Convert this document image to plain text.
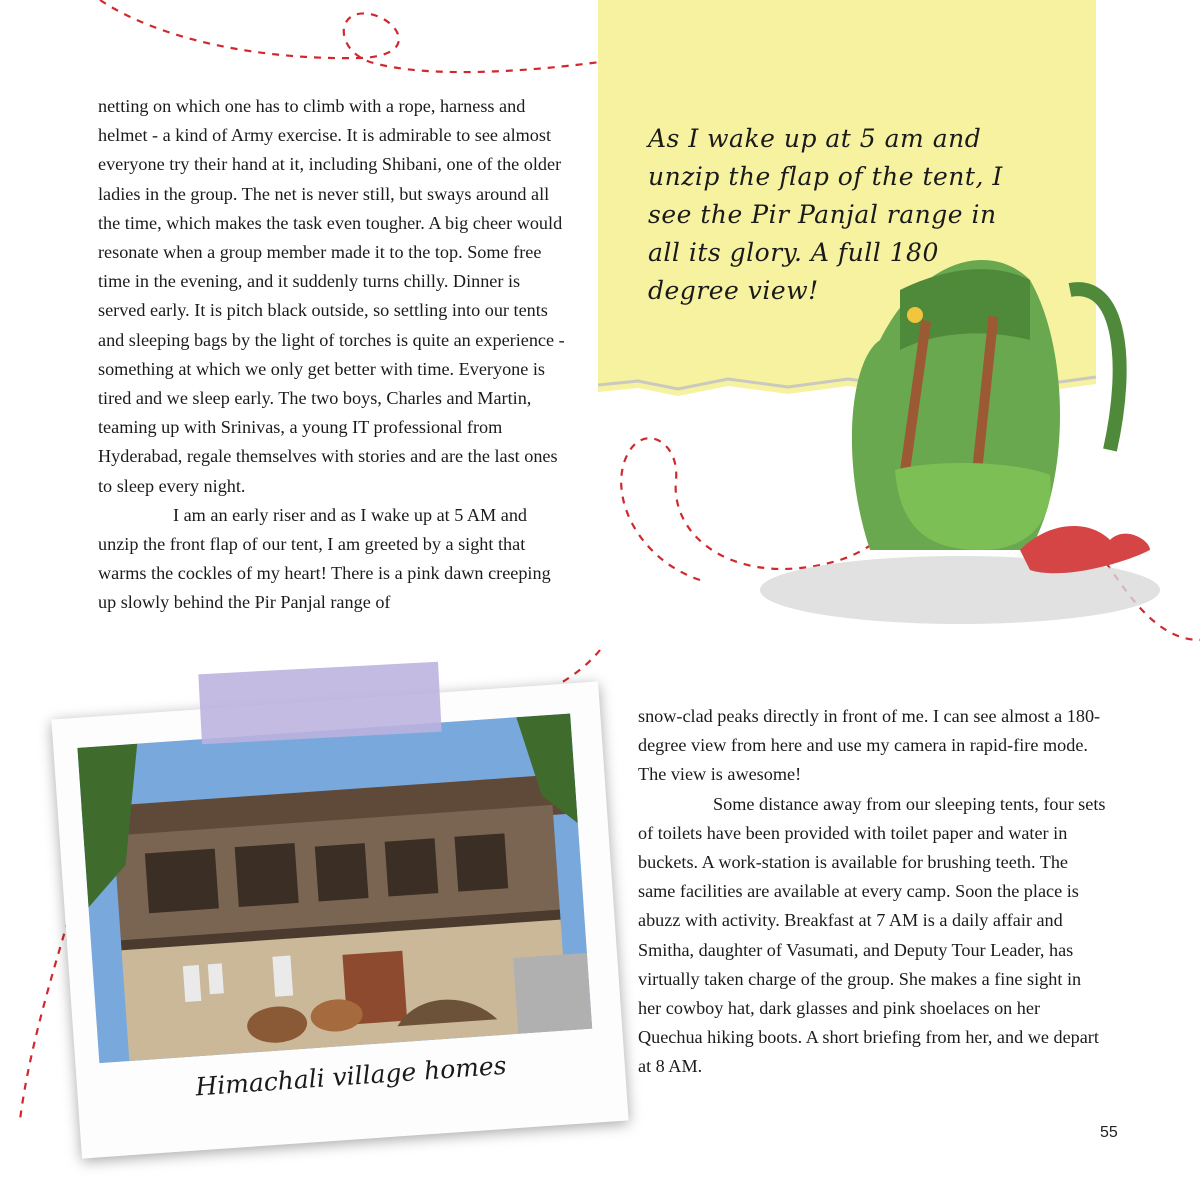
As I wake up at 5 am and unzip the flap of the tent, I see the Pir Panjal range in all its glory. A full 180 degree view!

netting on which one has to climb with a rope, harness and helmet - a kind of Army exercise. It is admirable to see almost everyone try their hand at it, including Shibani, one of the older ladies in the group. The net is never still, but sways around all the time, which makes the task even tougher. A big cheer would resonate when a group member made it to the top. Some free time in the evening, and it suddenly turns chilly. Dinner is served early. It is pitch black outside, so settling into our tents and sleeping bags by the light of torches is quite an experience - something at which we only get better with time. Everyone is tired and we sleep early. The two boys, Charles and Martin, teaming up with Srinivas, a young IT professional from Hyderabad, regale themselves with stories and are the last ones to sleep every night.
I am an early riser and as I wake up at 5 AM and unzip the front flap of our tent, I am greeted by a sight that warms the cockles of my heart! There is a pink dawn creeping up slowly behind the Pir Panjal range of
snow-clad peaks directly in front of me. I can see almost a 180-degree view from here and use my camera in rapid-fire mode. The view is awesome!
Some distance away from our sleeping tents, four sets of toilets have been provided with toilet paper and water in buckets. A work-station is available for brushing teeth. The same facilities are available at every camp. Soon the place is abuzz with activity. Breakfast at 7 AM is a daily affair and Smitha, daughter of Vasumati, and Deputy Tour Leader, has virtually taken charge of the group. She makes a fine sight in her cowboy hat, dark glasses and pink shoelaces on her Quechua hiking boots. A short briefing from her, and we depart at 8 AM.
Himachali village homes
55
